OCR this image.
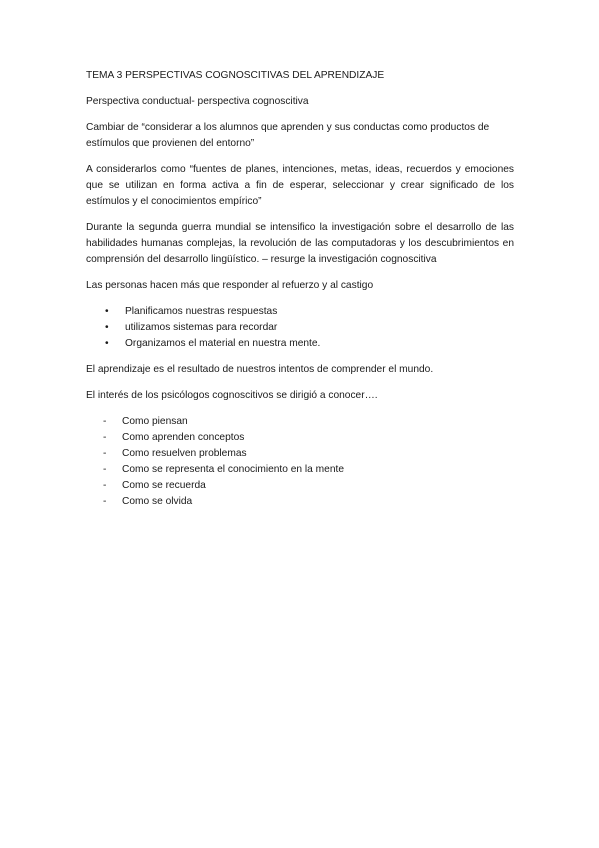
TEMA 3 PERSPECTIVAS COGNOSCITIVAS DEL APRENDIZAJE

Perspectiva conductual- perspectiva cognoscitiva

Cambiar de “considerar a los alumnos que aprenden y sus conductas como productos de estímulos que provienen del entorno”

A considerarlos como “fuentes de planes, intenciones, metas, ideas, recuerdos y emociones que se utilizan en forma activa a fin de esperar, seleccionar y crear significado de los estímulos y el conocimientos empírico”

Durante la segunda guerra mundial se intensifico la investigación sobre el desarrollo de las habilidades humanas complejas, la revolución de las computadoras y los descubrimientos en comprensión del desarrollo lingüístico. – resurge la investigación cognoscitiva

Las personas hacen más que responder al refuerzo y al castigo

• Planificamos nuestras respuestas
• utilizamos sistemas para recordar
• Organizamos el material en nuestra mente.

El aprendizaje es el resultado de nuestros intentos de comprender el mundo.

El interés de los psicólogos cognoscitivos se dirigió a conocer….

- Como piensan
- Como aprenden conceptos
- Como resuelven problemas
- Como se representa el conocimiento en la mente
- Como se recuerda
- Como se olvida
